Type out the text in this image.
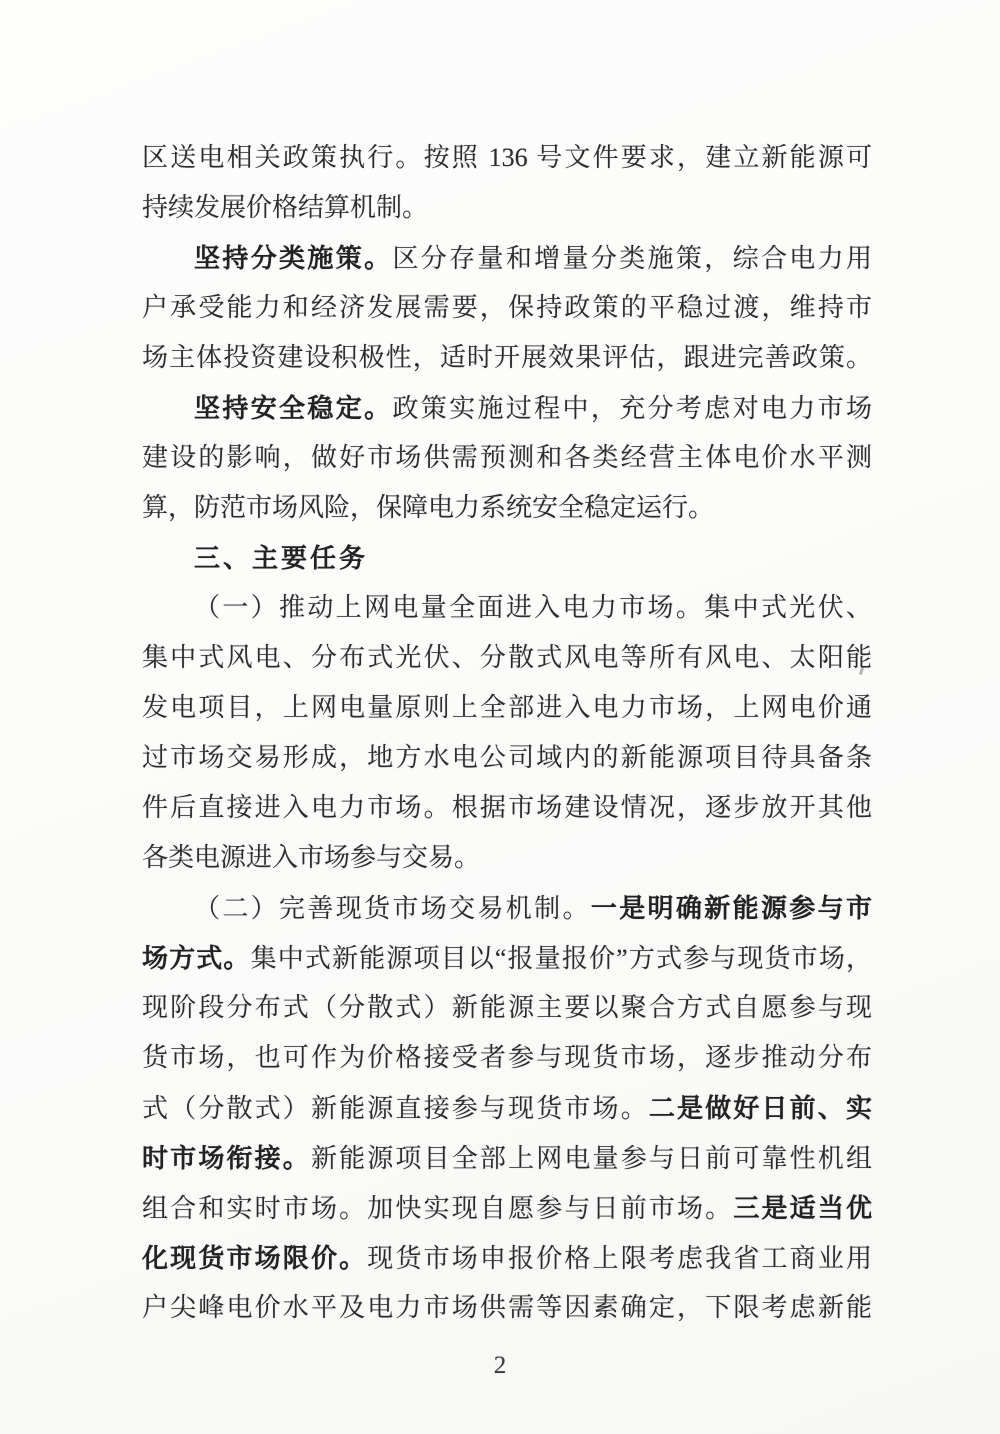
区送电相关政策执行。按照 136 号文件要求，建立新能源可
持续发展价格结算机制。
坚持分类施策。区分存量和增量分类施策，综合电力用
户承受能力和经济发展需要，保持政策的平稳过渡，维持市
场主体投资建设积极性，适时开展效果评估，跟进完善政策。
坚持安全稳定。政策实施过程中，充分考虑对电力市场
建设的影响，做好市场供需预测和各类经营主体电价水平测
算，防范市场风险，保障电力系统安全稳定运行。
三、主要任务
（一）推动上网电量全面进入电力市场。集中式光伏、
集中式风电、分布式光伏、分散式风电等所有风电、太阳能
发电项目，上网电量原则上全部进入电力市场，上网电价通
过市场交易形成，地方水电公司域内的新能源项目待具备条
件后直接进入电力市场。根据市场建设情况，逐步放开其他
各类电源进入市场参与交易。
（二）完善现货市场交易机制。一是明确新能源参与市
场方式。集中式新能源项目以“报量报价”方式参与现货市场，
现阶段分布式（分散式）新能源主要以聚合方式自愿参与现
货市场，也可作为价格接受者参与现货市场，逐步推动分布
式（分散式）新能源直接参与现货市场。二是做好日前、实
时市场衔接。新能源项目全部上网电量参与日前可靠性机组
组合和实时市场。加快实现自愿参与日前市场。三是适当优
化现货市场限价。现货市场申报价格上限考虑我省工商业用
户尖峰电价水平及电力市场供需等因素确定，下限考虑新能
2
